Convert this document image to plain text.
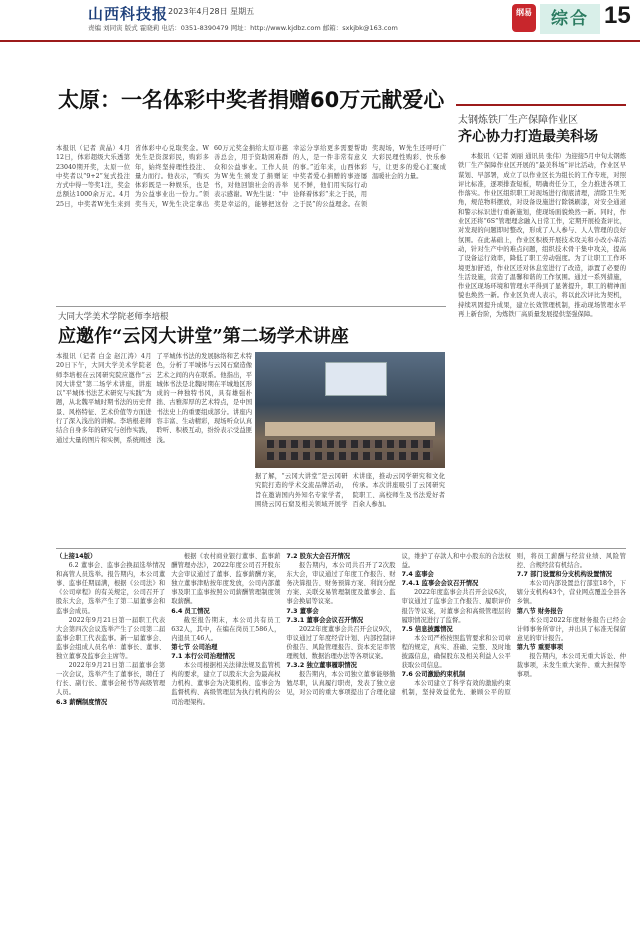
山西科技报 2023年4月28日 星期五
责编 刘同寅 版式 霍晓莉 电话：0351-8390479 网址：http://www.kjdbz.com 邮箱：sxkjbk@163.com
纲易	综合 15
太原：一名体彩中奖者捐赠60万元献爱心
本报讯（记者 黄晶）4月12日，体彩超级大乐透第23040期开奖，太原一位中奖者以“9+2”复式投注方式中得一等奖1注，奖金总额达1000余万元。4月25日，中奖者W先生来到省体彩中心兑取奖金。W先生是资深彩民，购彩多年，始终坚持理性投注、量力而行。他表示，“购买体彩既是一种娱乐，也是为公益事业出一份力。”领奖当天，W先生决定拿出60万元奖金捐给太原市慈善总会，用于资助困难群众和公益事业。工作人员为W先生颁发了捐赠证书，对他回馈社会的善举表示感谢。W先生说：“中奖是幸运的，能够把这份幸运分享给更多需要帮助的人，是一件非常有意义的事。”近年来，山西体彩中奖者爱心捐赠的事迹屡见不鲜，他们用实际行动诠释着体彩“来之于民，用之于民”的公益理念。在领奖现场，W先生还呼吁广大彩民理性购彩、快乐参与，让更多的爱心汇聚成温暖社会的力量。
太钢炼铁厂生产保障作业区
齐心协力打造最美科场

本报讯（记者 刘丽 通讯员 张伟）为迎接5月中旬太钢炼铁厂生产保障作业区开展的“最美科场”评比活动，作业区早谋划、早部署，成立了以作业区长为组长的工作专班，对照评比标准，逐项排查短板，明确责任分工，全力推进各项工作落实。作业区组织职工对现场进行彻底清理，清除卫生死角，规范物料摆放，对设备设施进行除锈刷漆，对安全通道和警示标识进行重新施划，使现场面貌焕然一新。同时，作业区还将“6S”管理理念融入日常工作，定期开展检查评比，对发现的问题即时整改，形成了人人参与、人人管理的良好氛围。在此基础上，作业区积极开展技术攻关和小改小革活动，针对生产中的难点问题，组织技术骨干集中攻关，提高了设备运行效率，降低了职工劳动强度。为了让职工工作环境更加舒适，作业区还对休息室进行了改造，添置了必要的生活设施，营造了温馨和谐的工作氛围。通过一系列措施，作业区现场环境和管理水平得到了显著提升，职工的精神面貌也焕然一新。作业区负责人表示，将以此次评比为契机，持续巩固提升成果，建立长效管理机制，推动现场管理水平再上新台阶，为炼铁厂高质量发展提供坚强保障。

大同大学美术学院老师李培根
应邀作“云冈大讲堂”第二场学术讲座
本报讯（记者 白金 赵江涛）4月20日下午，大同大学美术学院老师李培根在云冈研究院应邀作“云冈大讲堂”第二场学术讲座，讲座以“平城体书法艺术研究与实践”为题，从北魏平城时期书法的历史背景、风格特征、艺术价值等方面进行了深入浅出的讲解。李培根老师结合自身多年的研究与创作实践，通过大量的图片和实例，系统阐述了平城体书法的发展脉络和艺术特色，分析了平城体与云冈石窟造像艺术之间的内在联系。他指出，平城体书法是北魏时期在平城地区形成的一种独特书风，具有雄强朴拙、古雅浑厚的艺术特点，是中国书法史上的重要组成部分。讲座内容丰富、生动精彩，现场听众认真聆听、积极互动，纷纷表示受益匪浅。
据了解，“云冈大讲堂”是云冈研究院打造的学术交流品牌活动，旨在邀请国内外知名专家学者，围绕云冈石窟及相关领域开展学术讲座，推动云冈学研究和文化传承。本次讲座吸引了云冈研究院职工、高校师生及书法爱好者百余人参加。

（上接14版）

6.2 董事会、监事会换届选举情况和高管人员选举。报告期内，本公司董事、监事任期届满，根据《公司法》和《公司章程》的有关规定，公司召开了股东大会，选举产生了第二届董事会和监事会成员。

2022年9月21日第一届职工代表大会第四次会议选举产生了公司第二届监事会职工代表监事。新一届董事会、监事会组成人员名单：董事长、董事、独立董事及监事会主席等。

2022年9月21日第二届董事会第一次会议，选举产生了董事长，聘任了行长、副行长、董事会秘书等高级管理人员。

6.3 薪酬制度情况

根据《农村商业银行董事、监事薪酬管理办法》，2022年度公司召开股东大会审议通过了董事、监事薪酬方案，独立董事津贴按年度发放，公司内部董事及职工监事按照公司薪酬管理制度领取薪酬。

6.4 员工情况

截至报告期末，本公司共有员工632人，其中，在编在岗员工586人，内退员工46人。

第七节 公司治理

7.1 本行公司治理情况

本公司根据相关法律法规及监管机构的要求，建立了以股东大会为最高权力机构、董事会为决策机构、监事会为监督机构、高级管理层为执行机构的公司治理架构。

7.2 股东大会召开情况

报告期内，本公司共召开了2次股东大会，审议通过了年度工作报告、财务决算报告、财务预算方案、利润分配方案、关联交易管理制度及董事会、监事会换届等议案。

7.3 董事会

7.3.1 董事会会议召开情况

2022年度董事会共召开会议9次，审议通过了年度经营计划、内部控制评价报告、风险管理报告、资本充足率管理规划、数据治理办法等各项议案。

7.3.2 独立董事履职情况

报告期内，本公司独立董事能够勤勉尽职，认真履行职责，发表了独立意见，对公司的重大事项提出了合理化建议，维护了存款人和中小股东的合法权益。

7.4 监事会

7.4.1 监事会会议召开情况

2022年度监事会共召开会议6次，审议通过了监事会工作报告、履职评价报告等议案，对董事会和高级管理层的履职情况进行了监督。

7.5 信息披露情况

本公司严格按照监管要求和公司章程的规定，真实、准确、完整、及时地披露信息，确保股东及相关利益人公平获取公司信息。

7.6 公司激励约束机制

本公司建立了科学有效的激励约束机制，坚持效益优先、兼顾公平的原则，将员工薪酬与经营业绩、风险管控、合规经营有机结合。

7.7 部门设置和分支机构设置情况

本公司内部设置总行部室18个，下辖分支机构43个，营业网点覆盖全县各乡镇。

第八节 财务报告

本公司2022年度财务报告已经会计师事务所审计，并出具了标准无保留意见的审计报告。

第九节 重要事项

报告期内，本公司无重大诉讼、仲裁事项，未发生重大案件、重大担保等事项。
